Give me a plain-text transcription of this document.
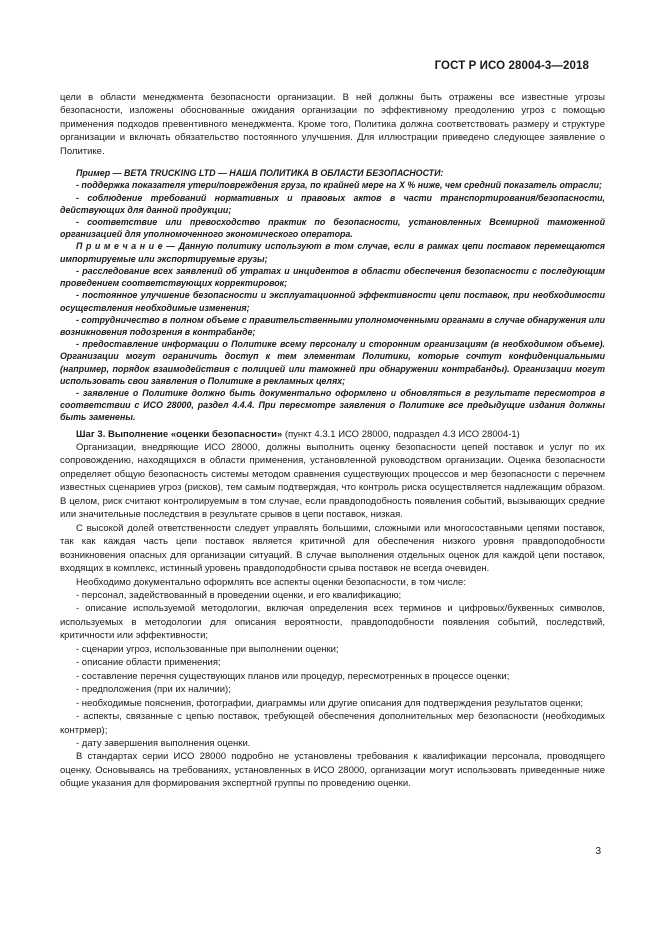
ГОСТ Р ИСО 28004-3—2018

цели в области менеджмента безопасности организации. В ней должны быть отражены все известные угрозы безопасности, изложены обоснованные ожидания организации по эффективному преодолению угроз с помощью применения подходов превентивного менеджмента. Кроме того, Политика должна соответствовать размеру и структуре организации и включать обязательство постоянного улучшения. Для иллюстрации приведено следующее заявление о Политике.

Пример — BETA TRUCKING LTD — НАША ПОЛИТИКА В ОБЛАСТИ БЕЗОПАСНОСТИ:

- поддержка показателя утери/повреждения груза, по крайней мере на X % ниже, чем средний показатель отрасли;

- соблюдение требований нормативных и правовых актов в части транспортирования/безопасности, действующих для данной продукции;

- соответствие или превосходство практик по безопасности, установленных Всемирной таможенной организацией для уполномоченного экономического оператора.

П р и м е ч а н и е — Данную политику используют в том случае, если в рамках цепи поставок перемещаются импортируемые или экспортируемые грузы;

- расследование всех заявлений об утратах и инцидентов в области обеспечения безопасности с последующим проведением соответствующих корректировок;

- постоянное улучшение безопасности и эксплуатационной эффективности цепи поставок, при необходимости осуществления необходимые изменения;

- сотрудничество в полном объеме с правительственными уполномоченными органами в случае обнаружения или возникновения подозрения в контрабанде;

- предоставление информации о Политике всему персоналу и сторонним организациям (в необходимом объеме). Организации могут ограничить доступ к тем элементам Политики, которые сочтут конфиденциальными (например, порядок взаимодействия с полицией или таможней при обнаружении контрабанды). Организации могут использовать свои заявления о Политике в рекламных целях;

- заявление о Политике должно быть документально оформлено и обновляться в результате пересмотров в соответствии с ИСО 28000, раздел 4.4.4. При пересмотре заявления о Политике все предыдущие издания должны быть заменены.

Шаг 3. Выполнение «оценки безопасности» (пункт 4.3.1 ИСО 28000, подраздел 4.3 ИСО 28004-1)

Организации, внедряющие ИСО 28000, должны выполнить оценку безопасности цепей поставок и услуг по их сопровождению, находящихся в области применения, установленной руководством организации. Оценка безопасности определяет общую безопасность системы методом сравнения существующих процессов и мер безопасности с перечнем известных сценариев угроз (рисков), тем самым подтверждая, что контроль риска осуществляется надлежащим образом. В целом, риск считают контролируемым в том случае, если правдоподобность появления событий, вызывающих средние или значительные последствия в результате срывов в цепи поставок, низкая.

С высокой долей ответственности следует управлять большими, сложными или многосоставными цепями поставок, так как каждая часть цепи поставок является критичной для обеспечения низкого уровня правдоподобности возникновения опасных для организации ситуаций. В случае выполнения отдельных оценок для каждой цепи поставок, входящих в комплекс, истинный уровень правдоподобности срыва поставок не всегда очевиден.

Необходимо документально оформлять все аспекты оценки безопасности, в том числе:

- персонал, задействованный в проведении оценки, и его квалификацию;

- описание используемой методологии, включая определения всех терминов и цифровых/буквенных символов, используемых в методологии для описания вероятности, правдоподобности появления событий, последствий, критичности или эффективности;

- сценарии угроз, использованные при выполнении оценки;

- описание области применения;

- составление перечня существующих планов или процедур, пересмотренных в процессе оценки;

- предположения (при их наличии);

- необходимые пояснения, фотографии, диаграммы или другие описания для подтверждения результатов оценки;

- аспекты, связанные с цепью поставок, требующей обеспечения дополнительных мер безопасности (необходимых контрмер);

- дату завершения выполнения оценки.

В стандартах серии ИСО 28000 подробно не установлены требования к квалификации персонала, проводящего оценку. Основываясь на требованиях, установленных в ИСО 28000, организации могут использовать приведенные ниже общие указания для формирования экспертной группы по проведению оценки.

3
